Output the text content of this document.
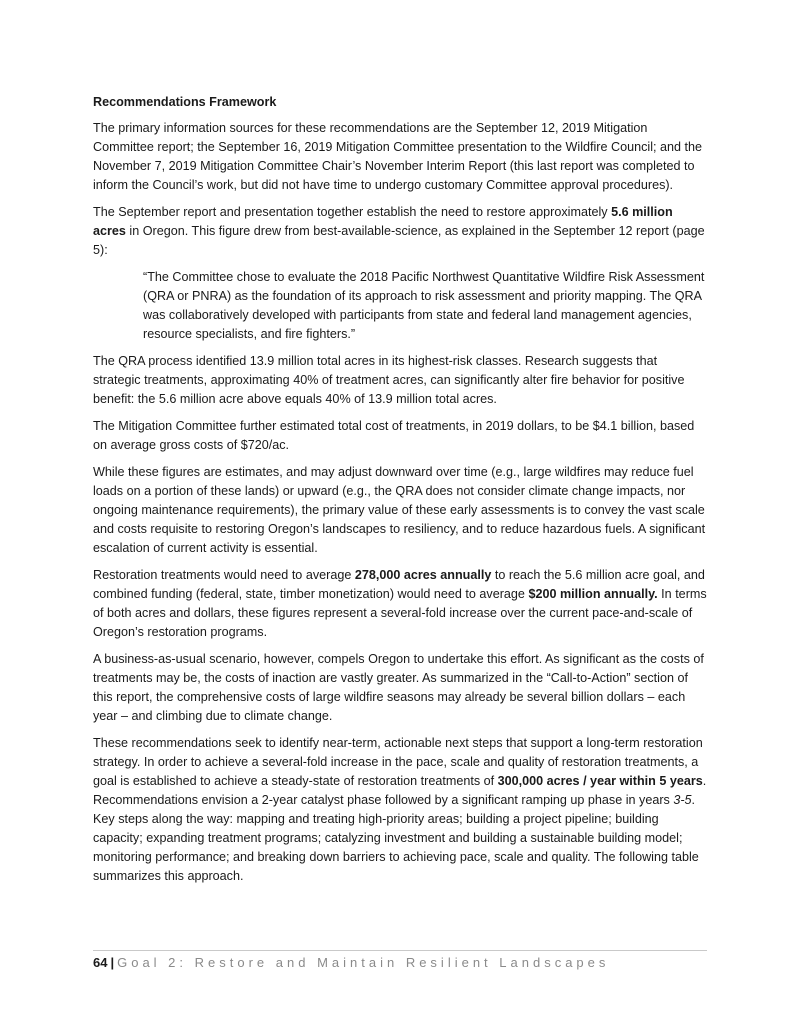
Recommendations Framework

The primary information sources for these recommendations are the September 12, 2019 Mitigation Committee report; the September 16, 2019 Mitigation Committee presentation to the Wildfire Council; and the November 7, 2019 Mitigation Committee Chair’s November Interim Report (this last report was completed to inform the Council’s work, but did not have time to undergo customary Committee approval procedures).

The September report and presentation together establish the need to restore approximately 5.6 million acres in Oregon. This figure drew from best-available-science, as explained in the September 12 report (page 5):

“The Committee chose to evaluate the 2018 Pacific Northwest Quantitative Wildfire Risk Assessment (QRA or PNRA) as the foundation of its approach to risk assessment and priority mapping. The QRA was collaboratively developed with participants from state and federal land management agencies, resource specialists, and fire fighters.”

The QRA process identified 13.9 million total acres in its highest-risk classes. Research suggests that strategic treatments, approximating 40% of treatment acres, can significantly alter fire behavior for positive benefit: the 5.6 million acre above equals 40% of 13.9 million total acres.

The Mitigation Committee further estimated total cost of treatments, in 2019 dollars, to be $4.1 billion, based on average gross costs of $720/ac.

While these figures are estimates, and may adjust downward over time (e.g., large wildfires may reduce fuel loads on a portion of these lands) or upward (e.g., the QRA does not consider climate change impacts, nor ongoing maintenance requirements), the primary value of these early assessments is to convey the vast scale and costs requisite to restoring Oregon’s landscapes to resiliency, and to reduce hazardous fuels. A significant escalation of current activity is essential.

Restoration treatments would need to average 278,000 acres annually to reach the 5.6 million acre goal, and combined funding (federal, state, timber monetization) would need to average $200 million annually. In terms of both acres and dollars, these figures represent a several-fold increase over the current pace-and-scale of Oregon’s restoration programs.

A business-as-usual scenario, however, compels Oregon to undertake this effort. As significant as the costs of treatments may be, the costs of inaction are vastly greater. As summarized in the “Call-to-Action” section of this report, the comprehensive costs of large wildfire seasons may already be several billion dollars – each year – and climbing due to climate change.

These recommendations seek to identify near-term, actionable next steps that support a long-term restoration strategy. In order to achieve a several-fold increase in the pace, scale and quality of restoration treatments, a goal is established to achieve a steady-state of restoration treatments of 300,000 acres / year within 5 years. Recommendations envision a 2-year catalyst phase followed by a significant ramping up phase in years 3-5. Key steps along the way: mapping and treating high-priority areas; building a project pipeline; building capacity; expanding treatment programs; catalyzing investment and building a sustainable building model; monitoring performance; and breaking down barriers to achieving pace, scale and quality. The following table summarizes this approach.

64 | Goal 2: Restore and Maintain Resilient Landscapes
